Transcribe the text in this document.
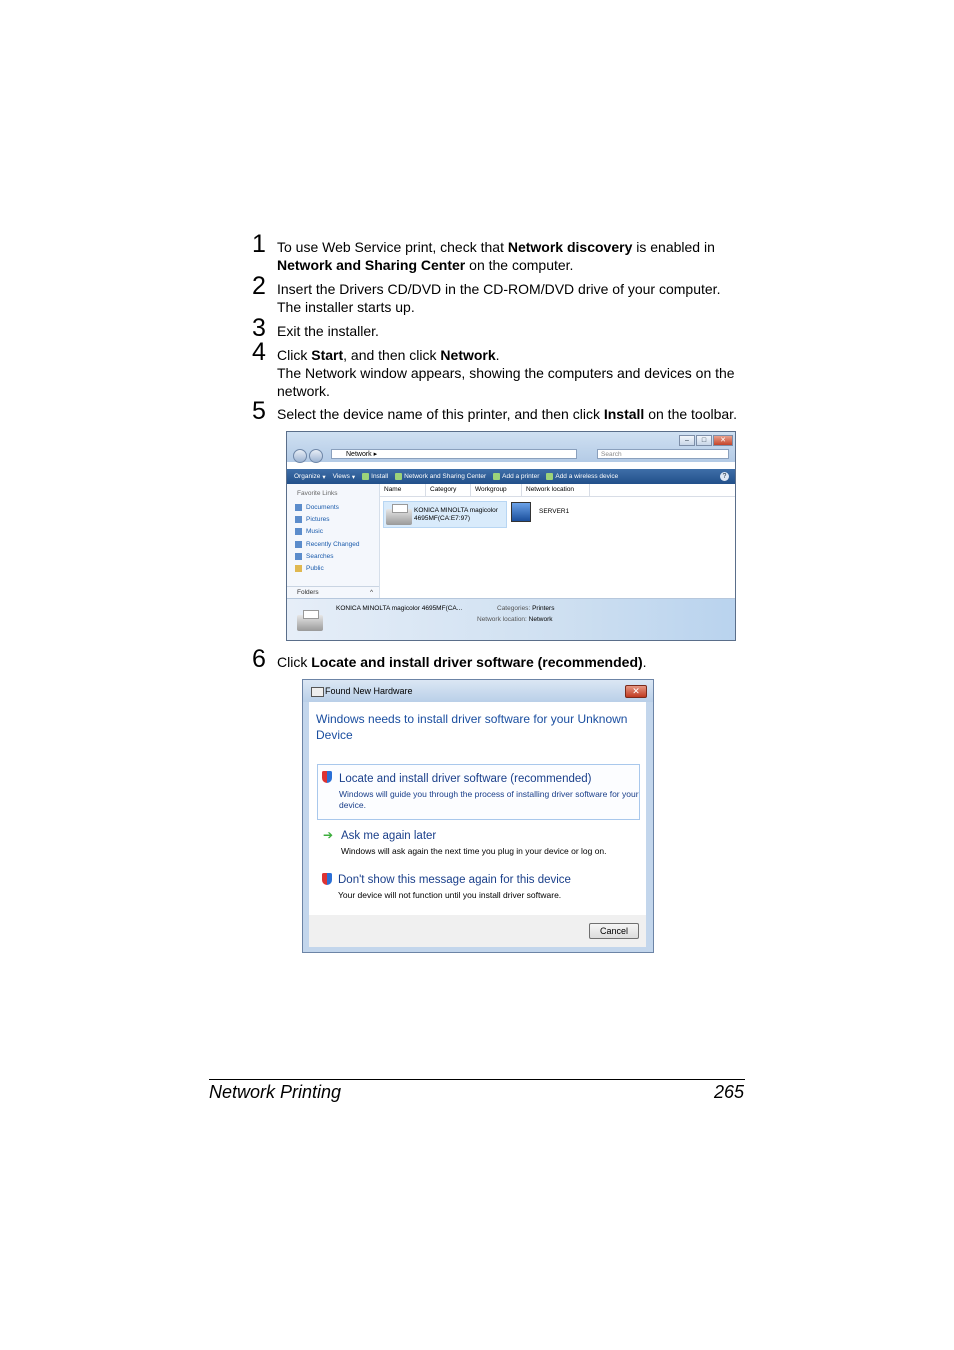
1 To use Web Service print, check that Network discovery is enabled in
Network and Sharing Center on the computer.
2 Insert the Drivers CD/DVD in the CD-ROM/DVD drive of your computer.
The installer starts up.
3 Exit the installer.
4 Click Start, and then click Network.
The Network window appears, showing the computers and devices on the network.
5 Select the device name of this printer, and then click Install on the toolbar.
Network ▸	Search
–	□	✕
Organize ▾ Views ▾ Install Network and Sharing Center Add a printer Add a wireless device	?
Favorite Links
Documents
Pictures
Music
Recently Changed
Searches
Public
Folders	^
Name	Category	Workgroup	Network location
KONICA MINOLTA magicolor
4695MF(CA:E7:97)
SERVER1
KONICA MINOLTA magicolor 4695MF(CA...	Categories: Printers
Network location: Network
6 Click Locate and install driver software (recommended).
Found New Hardware	✕
Windows needs to install driver software for your Unknown Device
Locate and install driver software (recommended)
Windows will guide you through the process of installing driver software for your device.
➔ Ask me again later
Windows will ask again the next time you plug in your device or log on.
Don't show this message again for this device
Your device will not function until you install driver software.
Cancel
Network Printing	265
